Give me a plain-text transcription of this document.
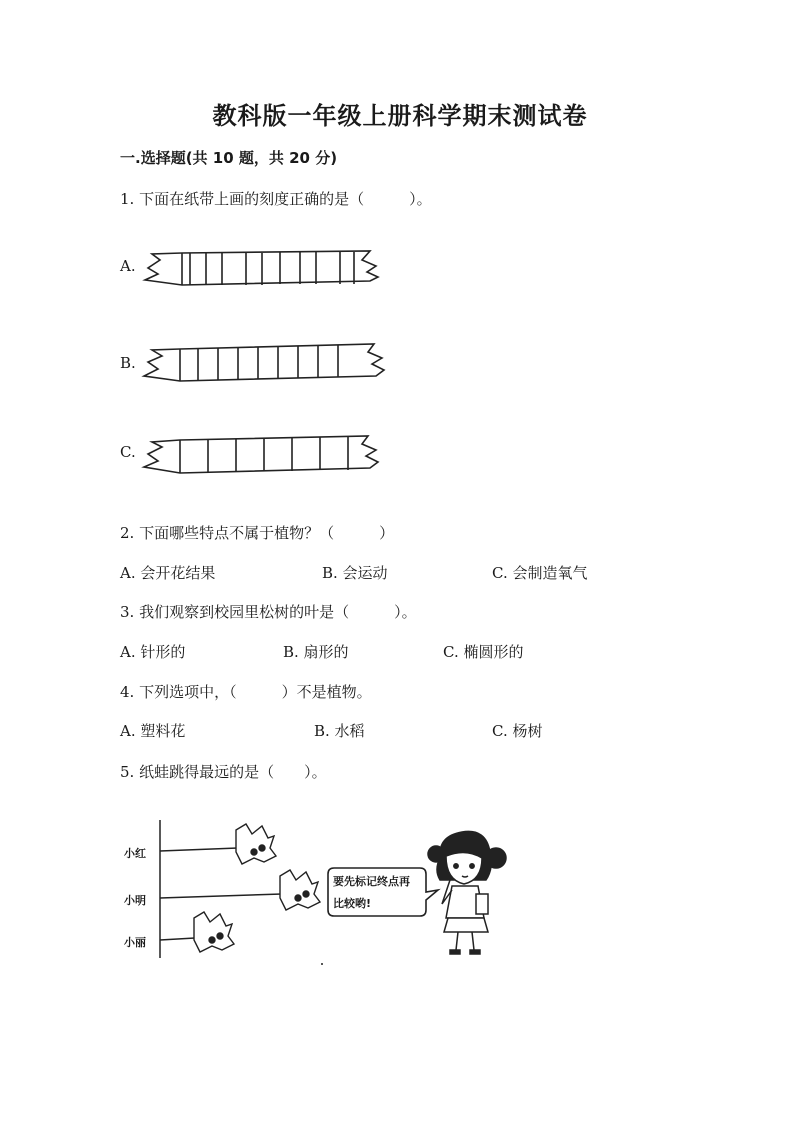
教科版一年级上册科学期末测试卷
一.选择题(共 10 题，共 20 分)
1. 下面在纸带上画的刻度正确的是（　　　）。
A.
B.
C.
2. 下面哪些特点不属于植物？（　　　）
A. 会开花结果	B. 会运动	C. 会制造氧气
3. 我们观察到校园里松树的叶是（　　　）。
A. 针形的	B. 扇形的	C. 椭圆形的
4. 下列选项中，（　　　）不是植物。
A. 塑料花	B. 水稻	C. 杨树
5. 纸蛙跳得最远的是（　　）。
小红
小明
小丽
要先标记终点再
比较哟!
